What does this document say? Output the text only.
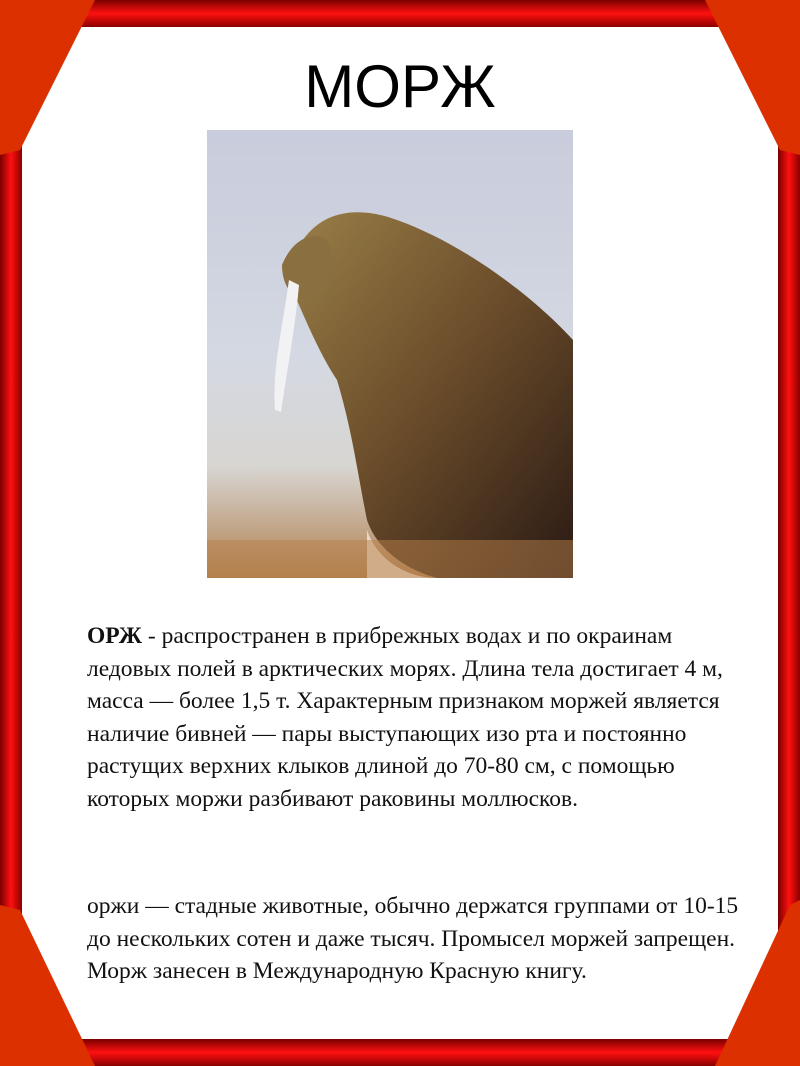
МОРЖ
ОРЖ - распространен в прибрежных водах и по окраинам ледовых полей в арктических морях. Длина тела достигает 4 м, масса — более 1,5 т. Характерным признаком моржей является наличие бивней — пары выступающих изо рта и постоянно растущих верхних клыков длиной до 70-80 см, с помощью которых моржи разбивают раковины моллюсков.
оржи — стадные животные, обычно держатся группами от 10-15 до нескольких сотен и даже тысяч. Промысел моржей запрещен. Морж занесен в Международную Красную книгу.
